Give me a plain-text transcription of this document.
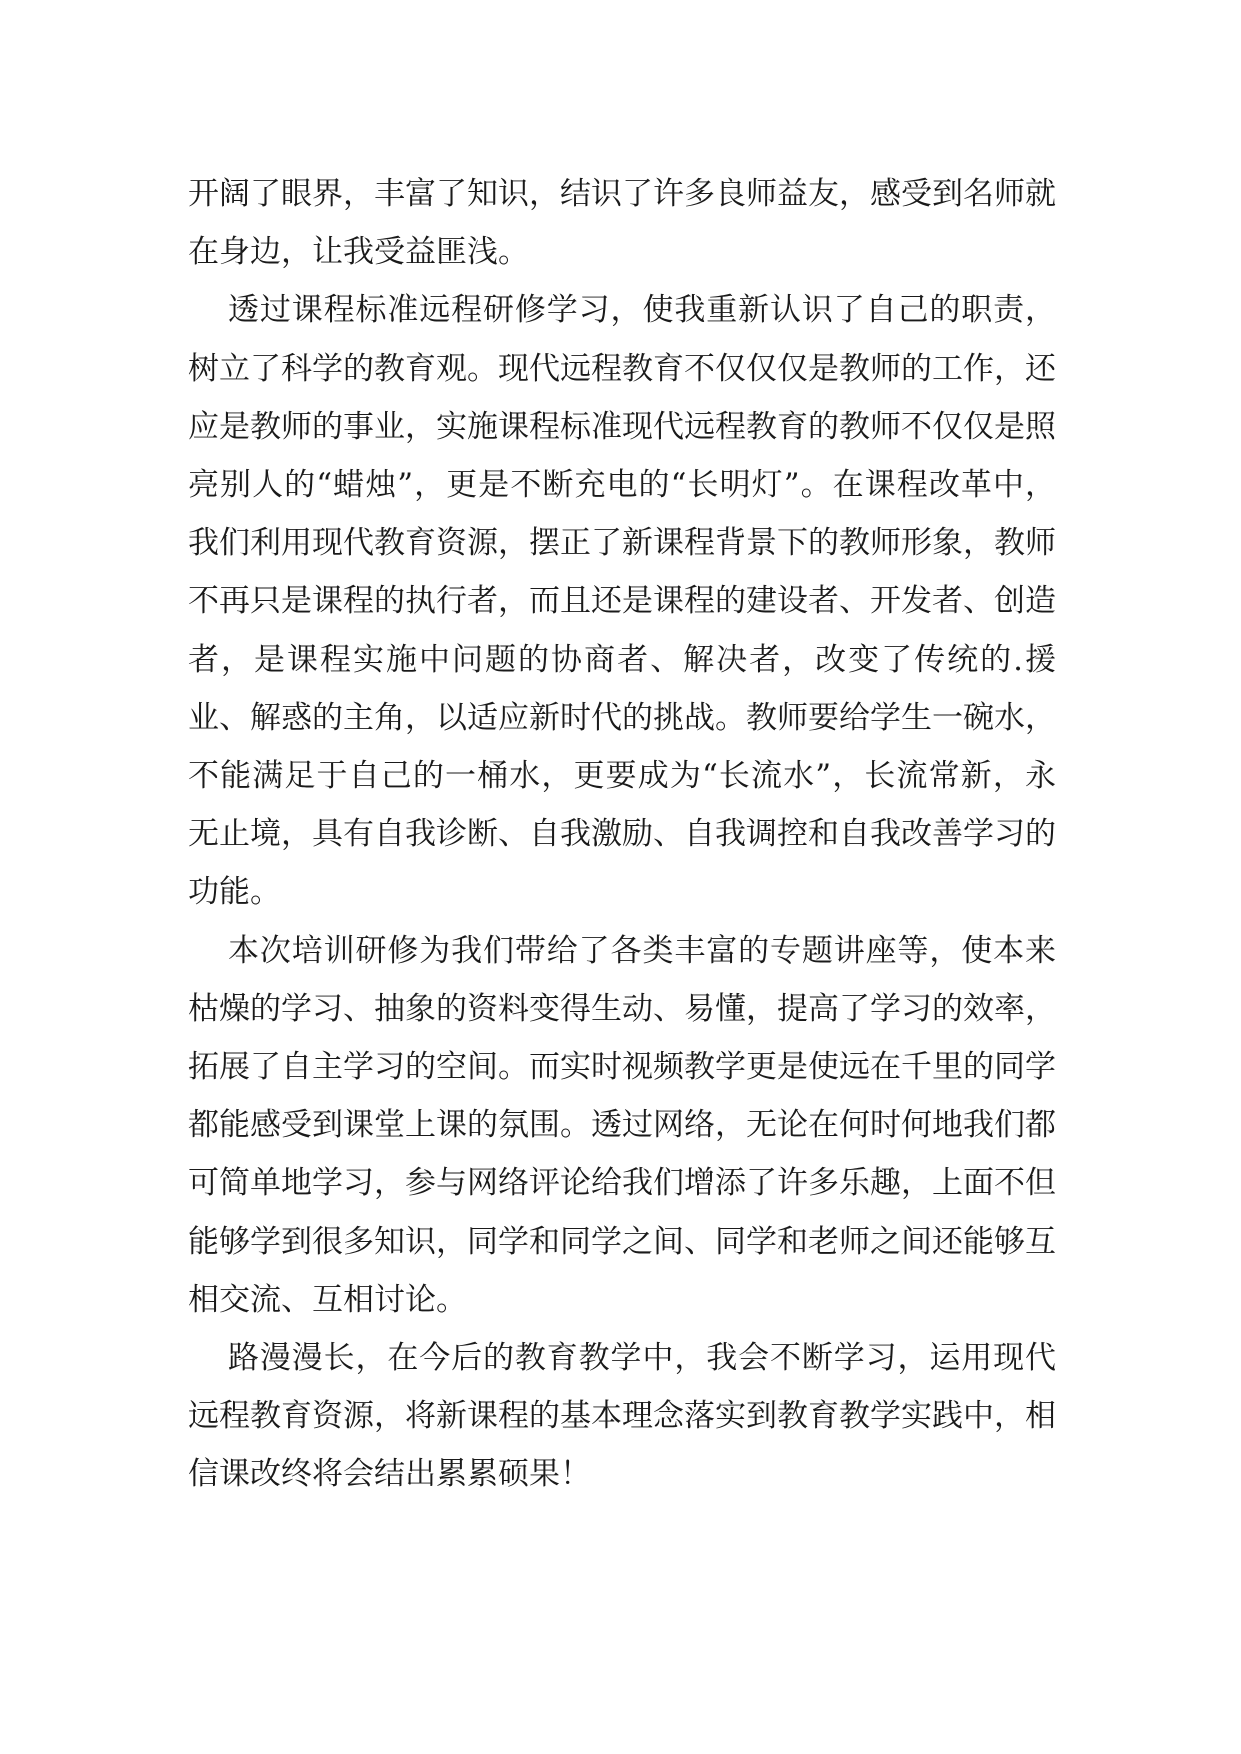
开阔了眼界，丰富了知识，结识了许多良师益友，感受到名师就在身边，让我受益匪浅。

透过课程标准远程研修学习，使我重新认识了自己的职责，树立了科学的教育观。现代远程教育不仅仅仅是教师的工作，还应是教师的事业，实施课程标准现代远程教育的教师不仅仅是照亮别人的“蜡烛”，更是不断充电的“长明灯”。在课程改革中，我们利用现代教育资源，摆正了新课程背景下的教师形象，教师不再只是课程的执行者，而且还是课程的建设者、开发者、创造者，是课程实施中问题的协商者、解决者，改变了传统的.援业、解惑的主角，以适应新时代的挑战。教师要给学生一碗水，不能满足于自己的一桶水，更要成为“长流水”，长流常新，永无止境，具有自我诊断、自我激励、自我调控和自我改善学习的功能。

本次培训研修为我们带给了各类丰富的专题讲座等，使本来枯燥的学习、抽象的资料变得生动、易懂，提高了学习的效率，拓展了自主学习的空间。而实时视频教学更是使远在千里的同学都能感受到课堂上课的氛围。透过网络，无论在何时何地我们都可简单地学习，参与网络评论给我们增添了许多乐趣，上面不但能够学到很多知识，同学和同学之间、同学和老师之间还能够互相交流、互相讨论。

路漫漫长，在今后的教育教学中，我会不断学习，运用现代远程教育资源，将新课程的基本理念落实到教育教学实践中，相信课改终将会结出累累硕果！
